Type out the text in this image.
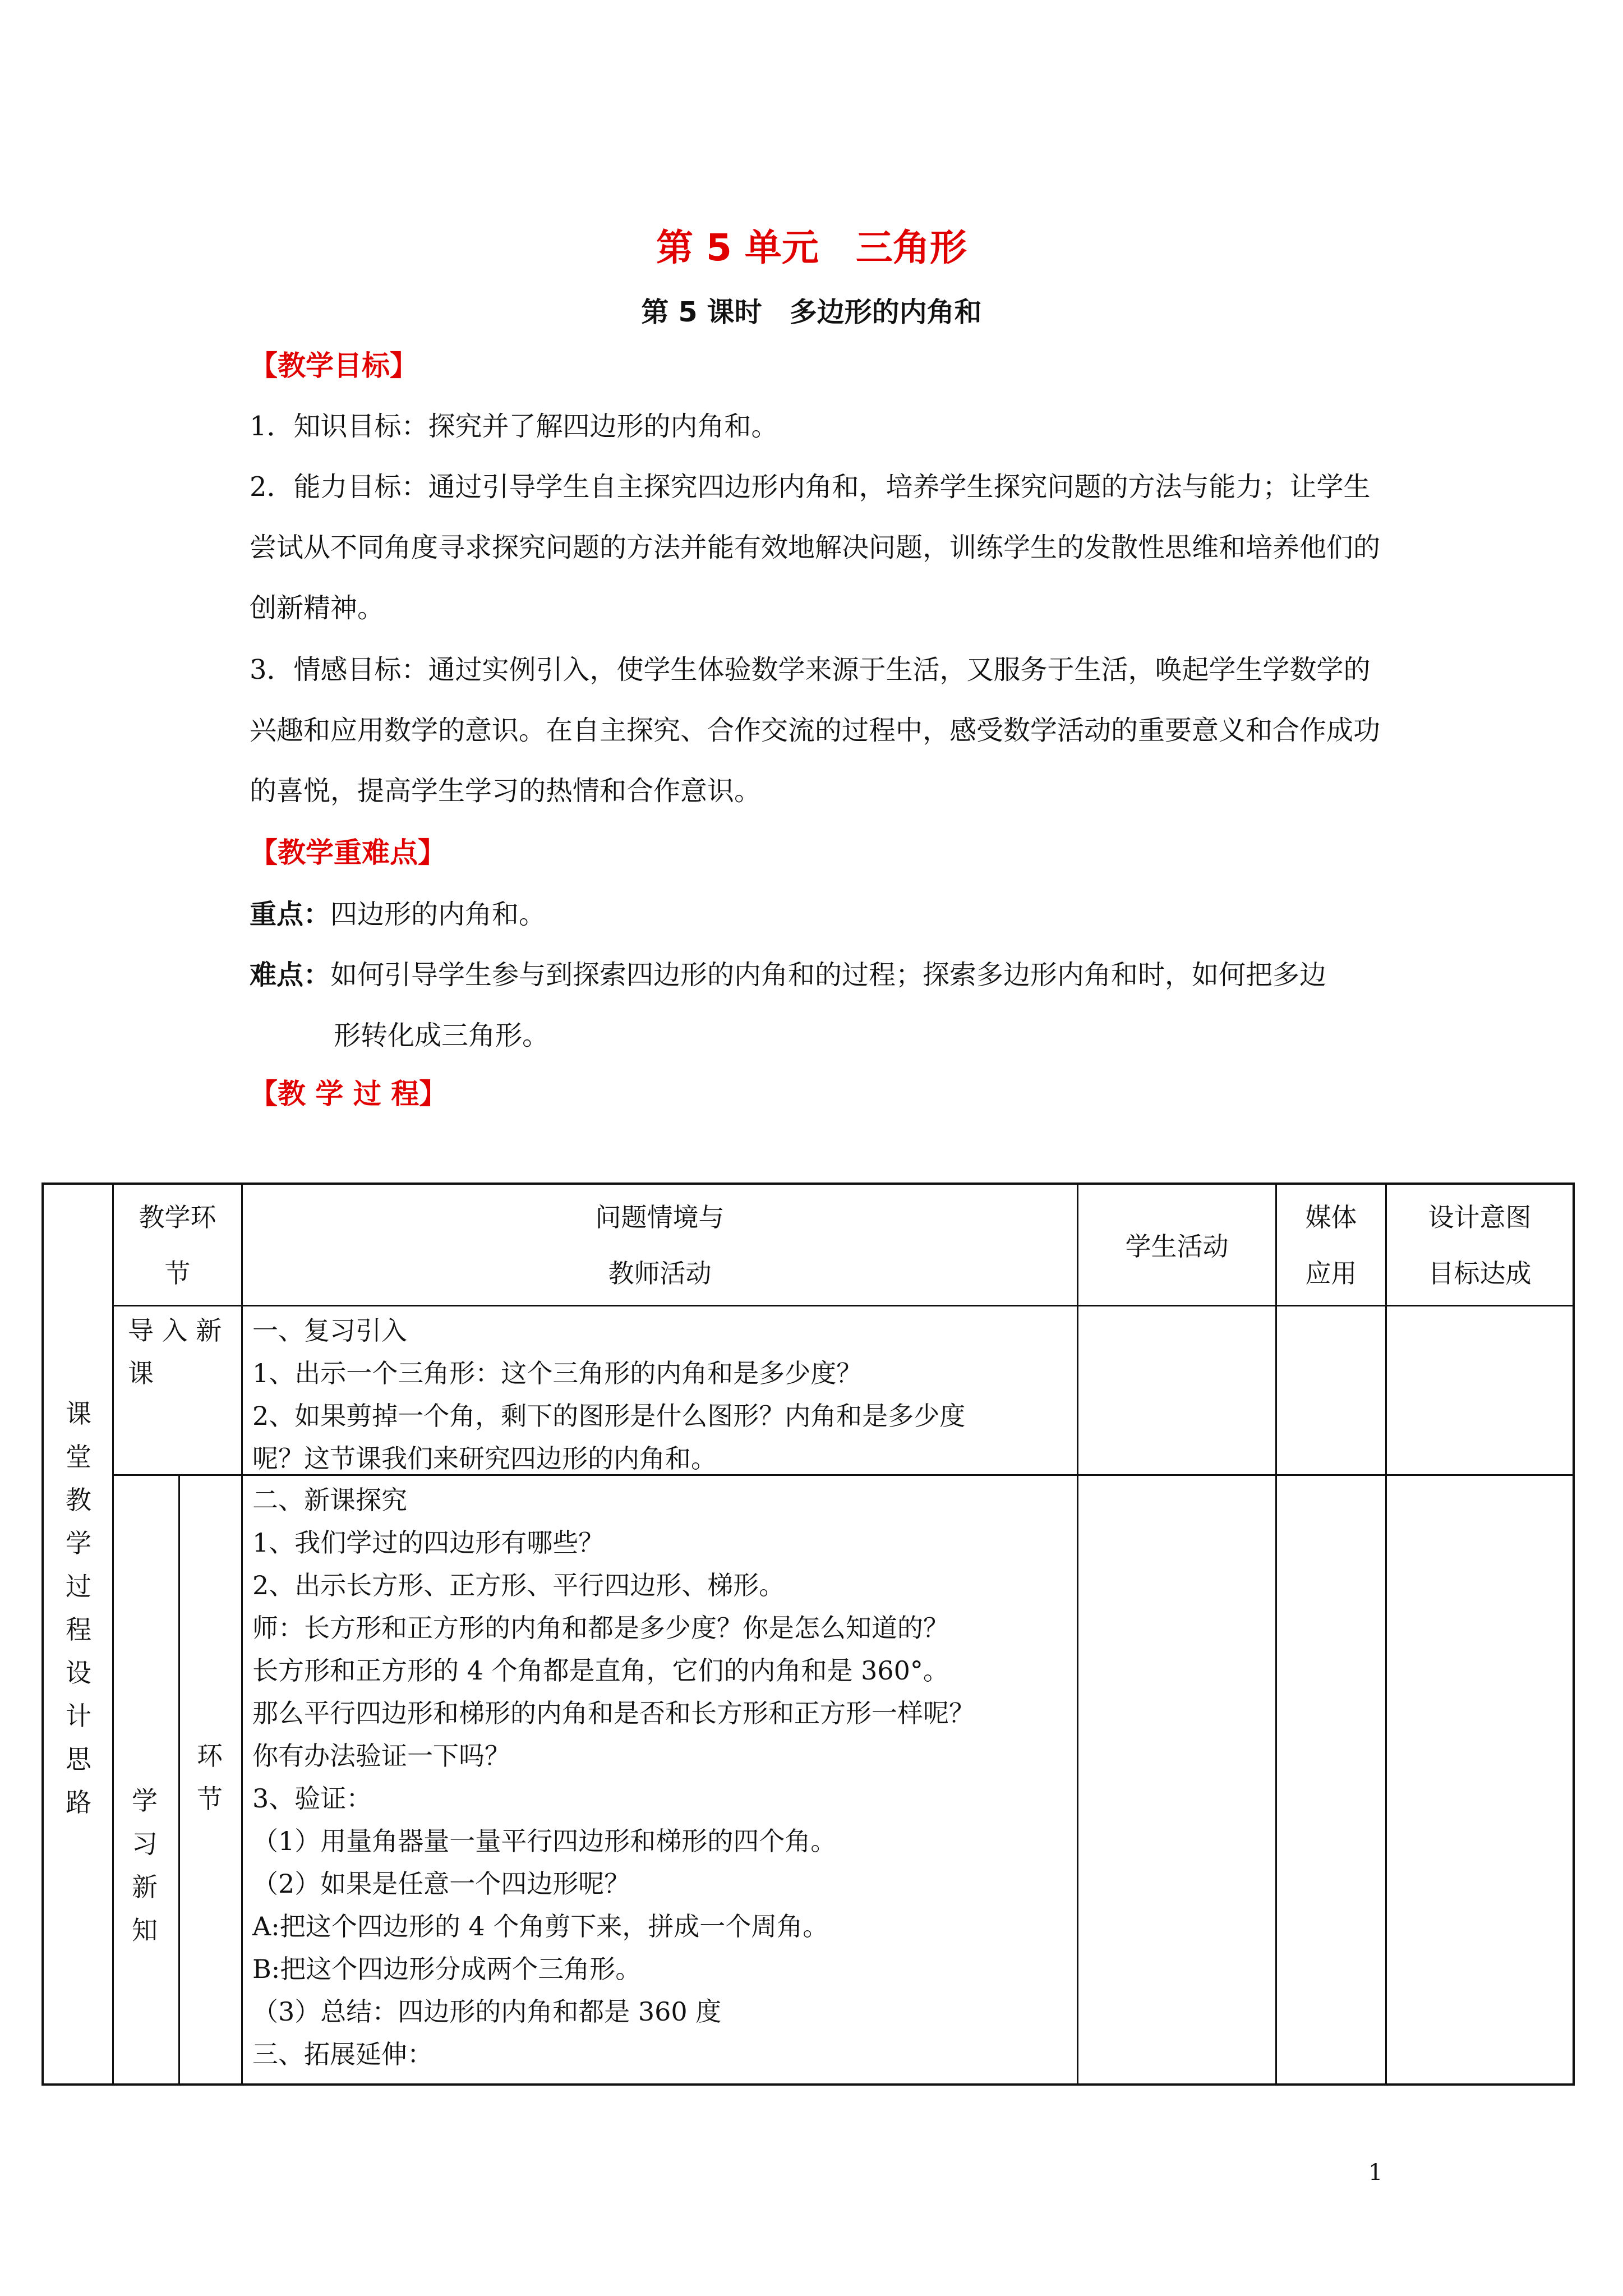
第 5 单元　三角形
第 5 课时　多边形的内角和
【教学目标】
1．知识目标：探究并了解四边形的内角和。
2．能力目标：通过引导学生自主探究四边形内角和，培养学生探究问题的方法与能力；让学生尝试从不同角度寻求探究问题的方法并能有效地解决问题，训练学生的发散性思维和培养他们的创新精神。
3．情感目标：通过实例引入，使学生体验数学来源于生活，又服务于生活，唤起学生学数学的兴趣和应用数学的意识。在自主探究、合作交流的过程中，感受数学活动的重要意义和合作成功的喜悦，提高学生学习的热情和合作意识。
【教学重难点】
重点：四边形的内角和。
难点：如何引导学生参与到探索四边形的内角和的过程；探索多边形内角和时，如何把多边
形转化成三角形。
【教 学 过 程】
课
堂
教
学
过
程
设
计
思
路
教学环
节
问题情境与
教师活动
学生活动
媒体
应用
设计意图
目标达成
导 入 新 课
一、复习引入
1、出示一个三角形：这个三角形的内角和是多少度？
2、如果剪掉一个角，剩下的图形是什么图形？内角和是多少度
呢？这节课我们来研究四边形的内角和。
学
习
新
知
环
节
二、新课探究
1、我们学过的四边形有哪些？
2、出示长方形、正方形、平行四边形、梯形。
师：长方形和正方形的内角和都是多少度？你是怎么知道的？
长方形和正方形的 4 个角都是直角，它们的内角和是 360°。
那么平行四边形和梯形的内角和是否和长方形和正方形一样呢？
你有办法验证一下吗？
3、验证：
（1）用量角器量一量平行四边形和梯形的四个角。
（2）如果是任意一个四边形呢？
A:把这个四边形的 4 个角剪下来，拼成一个周角。
B:把这个四边形分成两个三角形。
（3）总结：四边形的内角和都是 360 度
三、拓展延伸：
1
